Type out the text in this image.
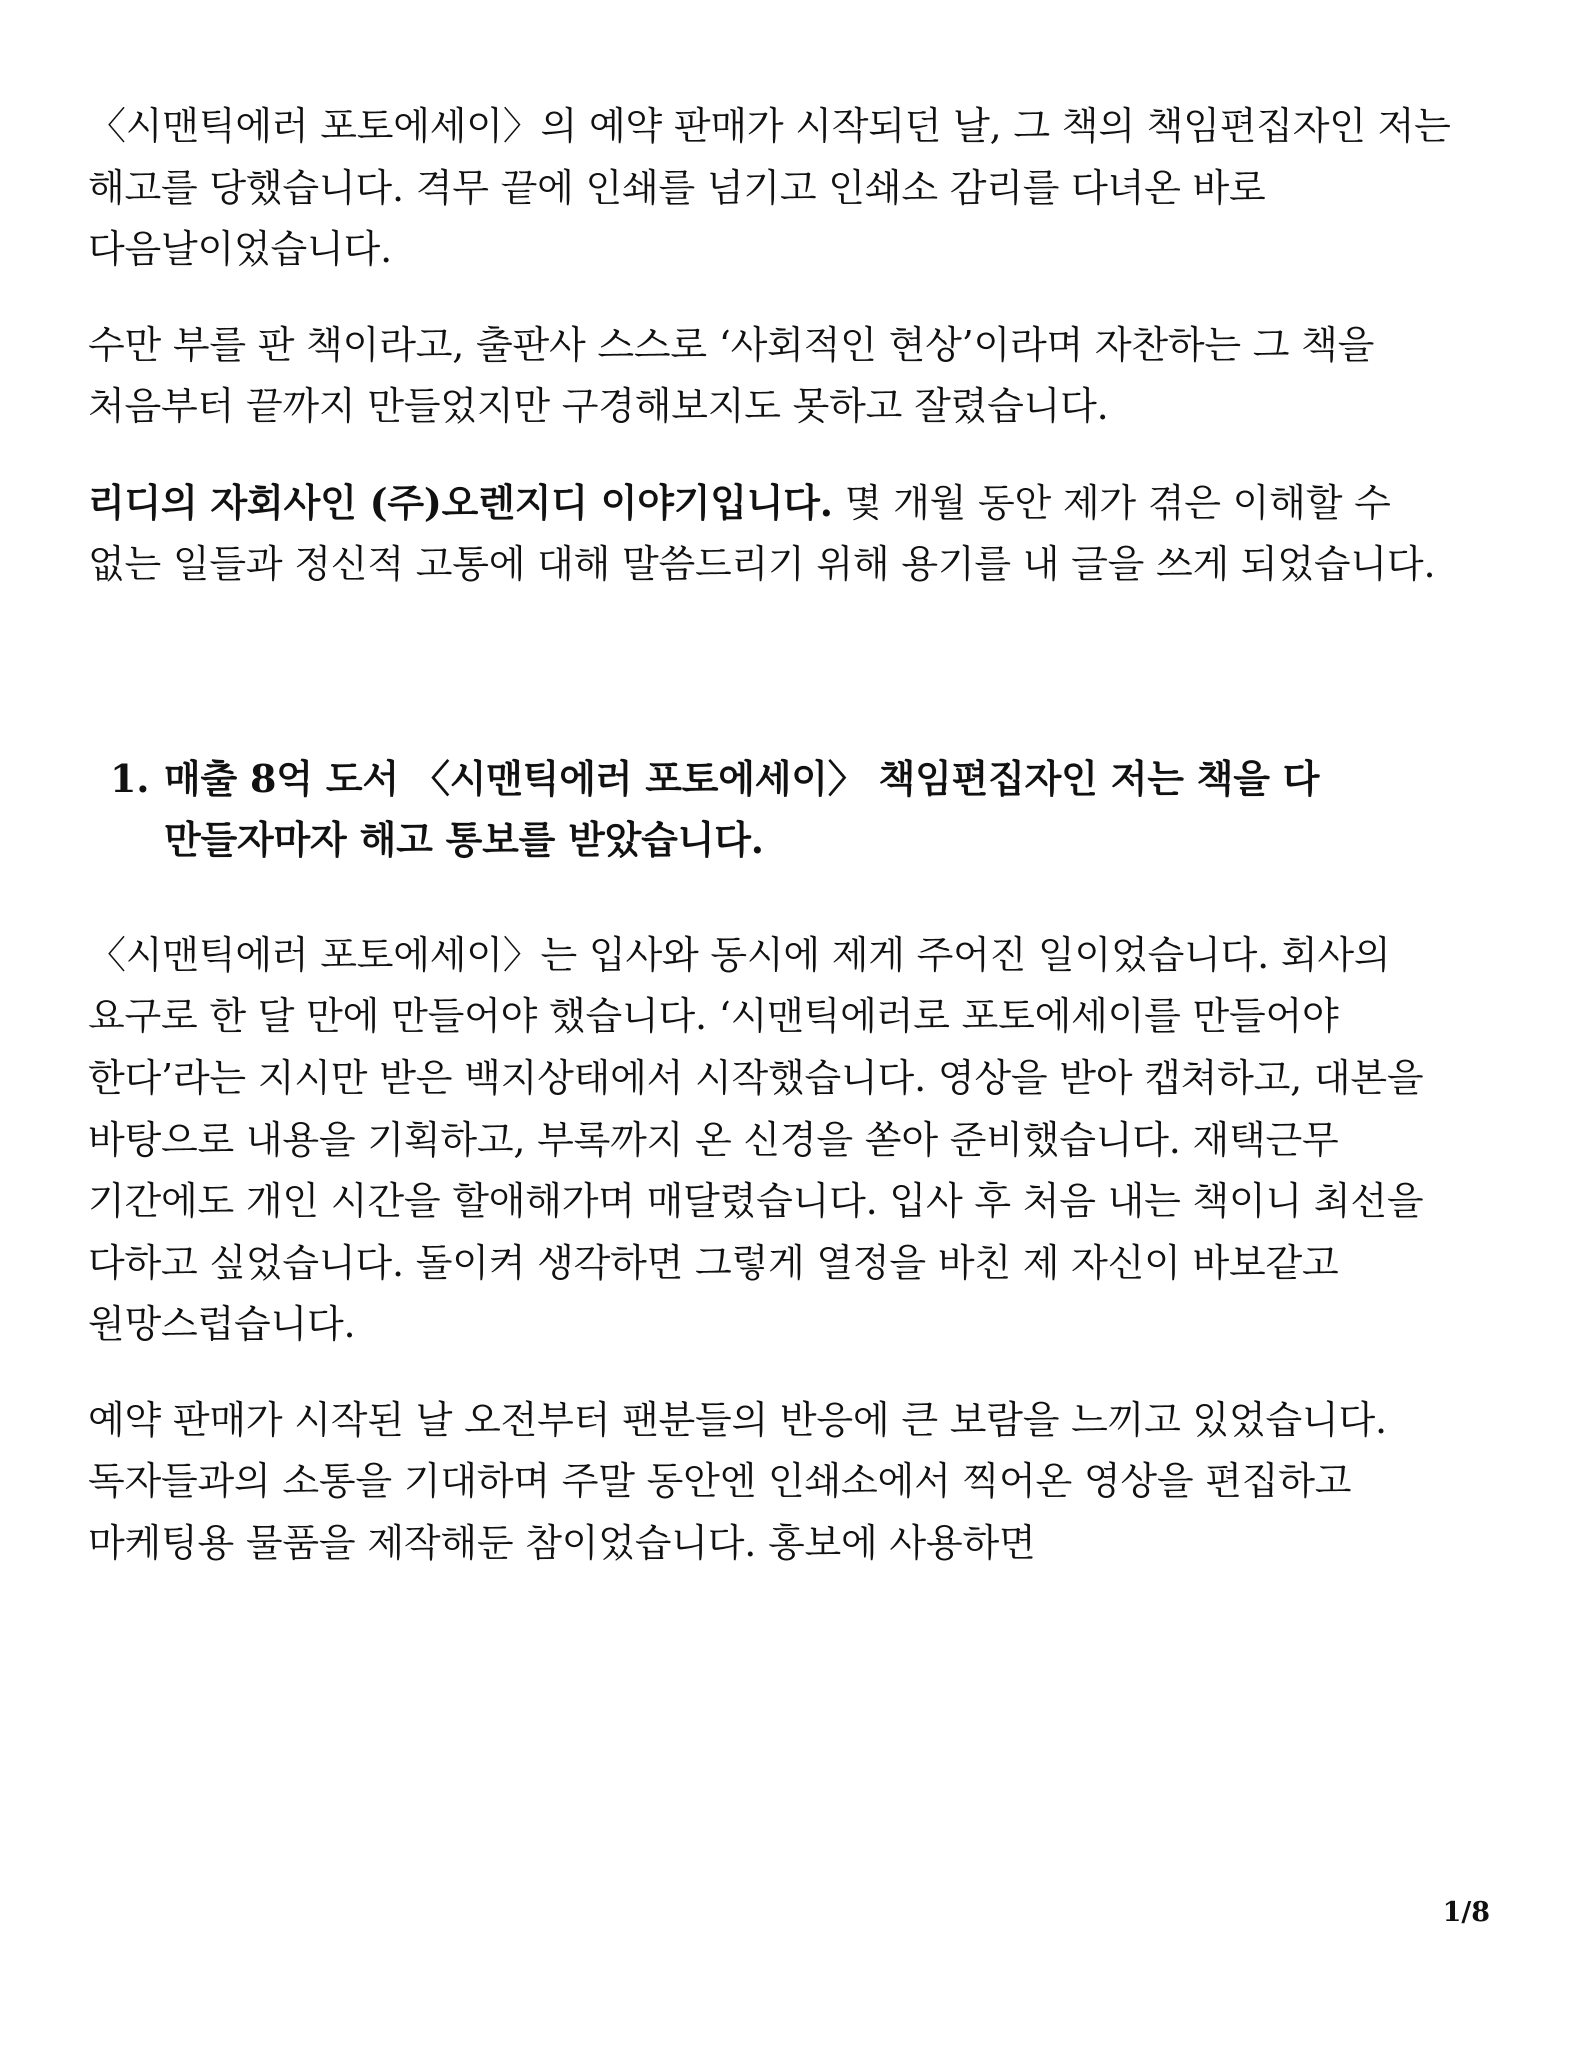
〈시맨틱에러 포토에세이〉의 예약 판매가 시작되던 날, 그 책의 책임편집자인 저는 해고를 당했습니다. 격무 끝에 인쇄를 넘기고 인쇄소 감리를 다녀온 바로 다음날이었습니다.

수만 부를 판 책이라고, 출판사 스스로 ‘사회적인 현상’이라며 자찬하는 그 책을 처음부터 끝까지 만들었지만 구경해보지도 못하고 잘렸습니다.

리디의 자회사인 (주)오렌지디 이야기입니다. 몇 개월 동안 제가 겪은 이해할 수 없는 일들과 정신적 고통에 대해 말씀드리기 위해 용기를 내 글을 쓰게 되었습니다.

1. 매출 8억 도서 〈시맨틱에러 포토에세이〉 책임편집자인 저는 책을 다 만들자마자 해고 통보를 받았습니다.

〈시맨틱에러 포토에세이〉는 입사와 동시에 제게 주어진 일이었습니다. 회사의 요구로 한 달 만에 만들어야 했습니다. ‘시맨틱에러로 포토에세이를 만들어야 한다’라는 지시만 받은 백지상태에서 시작했습니다. 영상을 받아 캡쳐하고, 대본을 바탕으로 내용을 기획하고, 부록까지 온 신경을 쏟아 준비했습니다. 재택근무 기간에도 개인 시간을 할애해가며 매달렸습니다. 입사 후 처음 내는 책이니 최선을 다하고 싶었습니다. 돌이켜 생각하면 그렇게 열정을 바친 제 자신이 바보같고 원망스럽습니다.

예약 판매가 시작된 날 오전부터 팬분들의 반응에 큰 보람을 느끼고 있었습니다. 독자들과의 소통을 기대하며 주말 동안엔 인쇄소에서 찍어온 영상을 편집하고 마케팅용 물품을 제작해둔 참이었습니다. 홍보에 사용하면

1/8
